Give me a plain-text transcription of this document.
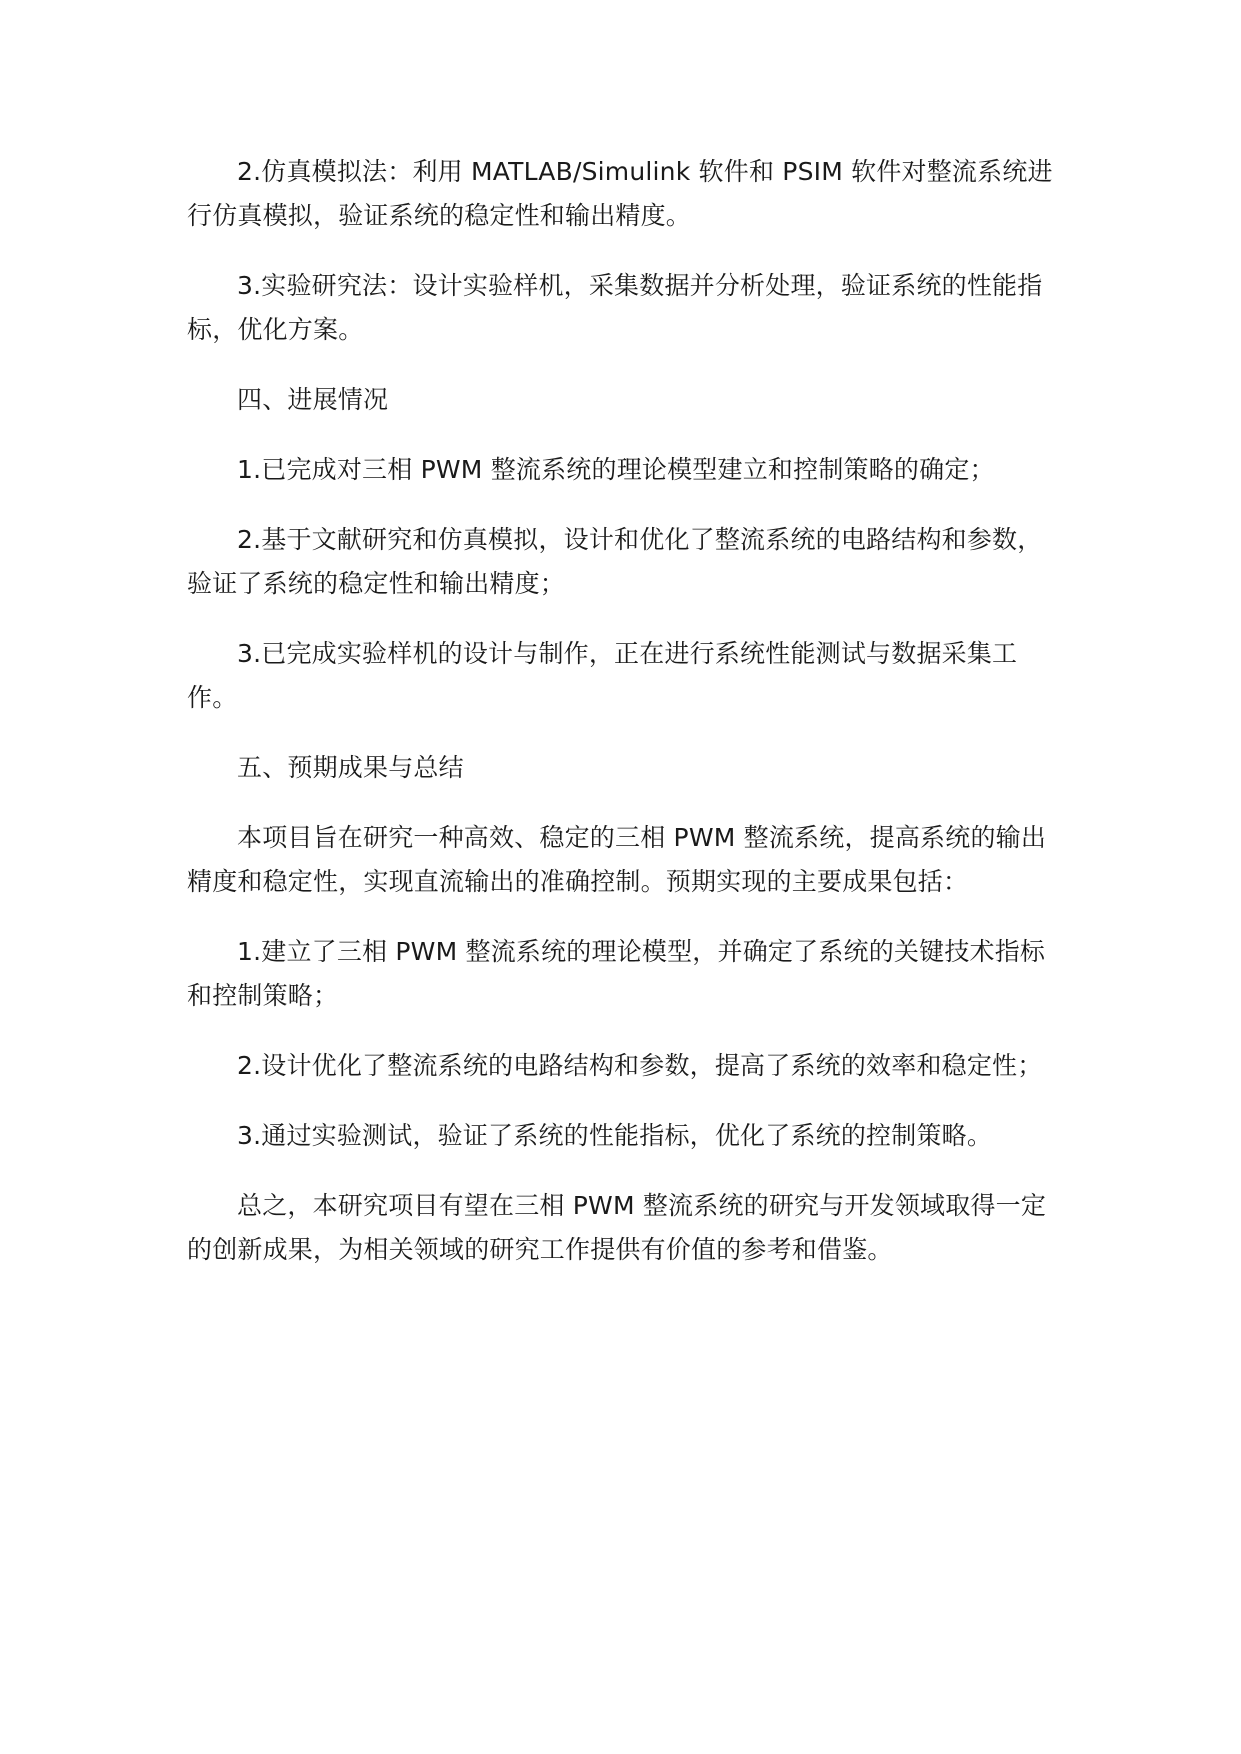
2.仿真模拟法：利用 MATLAB/Simulink 软件和 PSIM 软件对整流系统进行仿真模拟，验证系统的稳定性和输出精度。

3.实验研究法：设计实验样机，采集数据并分析处理，验证系统的性能指标，优化方案。

四、进展情况

1.已完成对三相 PWM 整流系统的理论模型建立和控制策略的确定；

2.基于文献研究和仿真模拟，设计和优化了整流系统的电路结构和参数，验证了系统的稳定性和输出精度；

3.已完成实验样机的设计与制作，正在进行系统性能测试与数据采集工作。

五、预期成果与总结

本项目旨在研究一种高效、稳定的三相 PWM 整流系统，提高系统的输出精度和稳定性，实现直流输出的准确控制。预期实现的主要成果包括：

1.建立了三相 PWM 整流系统的理论模型，并确定了系统的关键技术指标和控制策略；

2.设计优化了整流系统的电路结构和参数，提高了系统的效率和稳定性；

3.通过实验测试，验证了系统的性能指标，优化了系统的控制策略。

总之，本研究项目有望在三相 PWM 整流系统的研究与开发领域取得一定的创新成果，为相关领域的研究工作提供有价值的参考和借鉴。
